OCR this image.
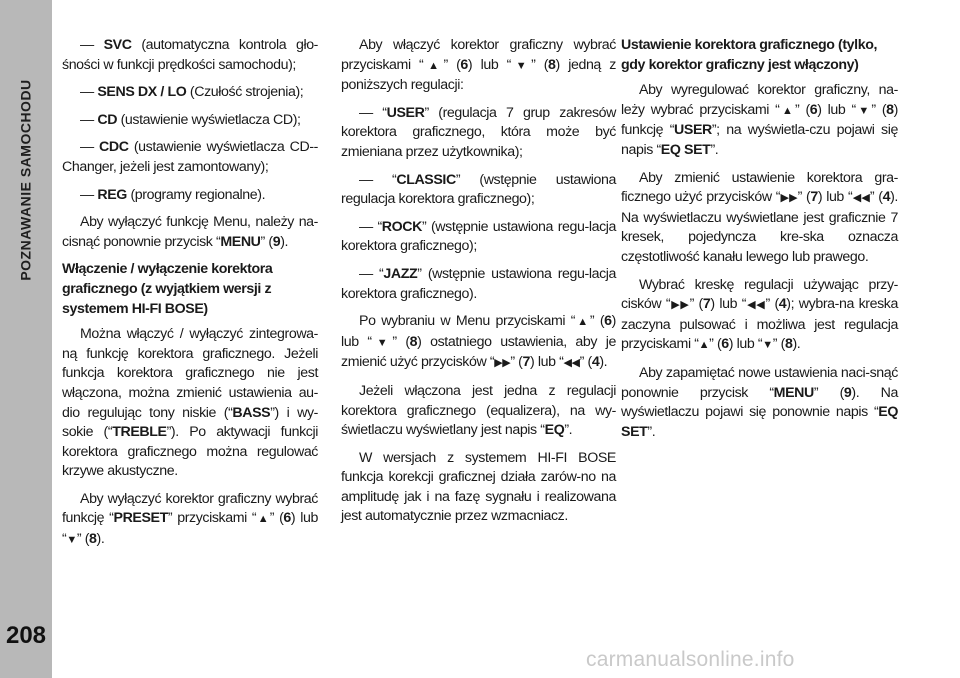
POZNAWANIE SAMOCHODU
208

— SVC (automatyczna kontrola gło-śności w funkcji prędkości samochodu);

— SENS DX / LO (Czułość strojenia);

— CD (ustawienie wyświetlacza CD);

— CDC (ustawienie wyświetlacza CD--Changer, jeżeli jest zamontowany);

— REG (programy regionalne).

Aby wyłączyć funkcję Menu, należy na-cisnąć ponownie przycisk “MENU” (9).

Włączenie / wyłączenie korektora graficznego (z wyjątkiem wersji z systemem HI-FI BOSE)

Można włączyć / wyłączyć zintegrowa-ną funkcję korektora graficznego. Jeżeli funkcja korektora graficznego nie jest włączona, można zmienić ustawienia au-dio regulując tony niskie (“BASS”) i wy-sokie (“TREBLE”). Po aktywacji funkcji korektora graficznego można regulować krzywe akustyczne.

Aby wyłączyć korektor graficzny wybrać funkcję “PRESET” przyciskami “▲” (6) lub “▼” (8).

Aby włączyć korektor graficzny wybrać przyciskami “▲” (6) lub “▼” (8) jedną z poniższych regulacji:

— “USER” (regulacja 7 grup zakresów korektora graficznego, która może być zmieniana przez użytkownika);

— “CLASSIC” (wstępnie ustawiona regulacja korektora graficznego);

— “ROCK” (wstępnie ustawiona regu-lacja korektora graficznego);

— “JAZZ” (wstępnie ustawiona regu-lacja korektora graficznego).

Po wybraniu w Menu przyciskami “▲” (6) lub “▼” (8) ostatniego ustawienia, aby je zmienić użyć przycisków “▶▶” (7) lub “◀◀” (4).

Jeżeli włączona jest jedna z regulacji korektora graficznego (equalizera), na wy-świetlaczu wyświetlany jest napis “EQ”.

W wersjach z systemem HI-FI BOSE funkcja korekcji graficznej działa zarów-no na amplitudę jak i na fazę sygnału i realizowana jest automatycznie przez wzmacniacz.

Ustawienie korektora graficznego (tylko, gdy korektor graficzny jest włączony)

Aby wyregulować korektor graficzny, na-leży wybrać przyciskami “▲” (6) lub “▼” (8) funkcję “USER”; na wyświetla-czu pojawi się napis “EQ SET”.

Aby zmienić ustawienie korektora gra-ficznego użyć przycisków “▶▶” (7) lub “◀◀” (4). Na wyświetlaczu wyświetlane jest graficznie 7 kresek, pojedyncza kre-ska oznacza częstotliwość kanału lewego lub prawego.

Wybrać kreskę regulacji używając przy-cisków “▶▶” (7) lub “◀◀” (4); wybra-na kreska zaczyna pulsować i możliwa jest regulacja przyciskami “▲” (6) lub “▼” (8).

Aby zapamiętać nowe ustawienia naci-snąć ponownie przycisk “MENU” (9). Na wyświetlaczu pojawi się ponownie napis “EQ SET”.

carmanualsonline.info
